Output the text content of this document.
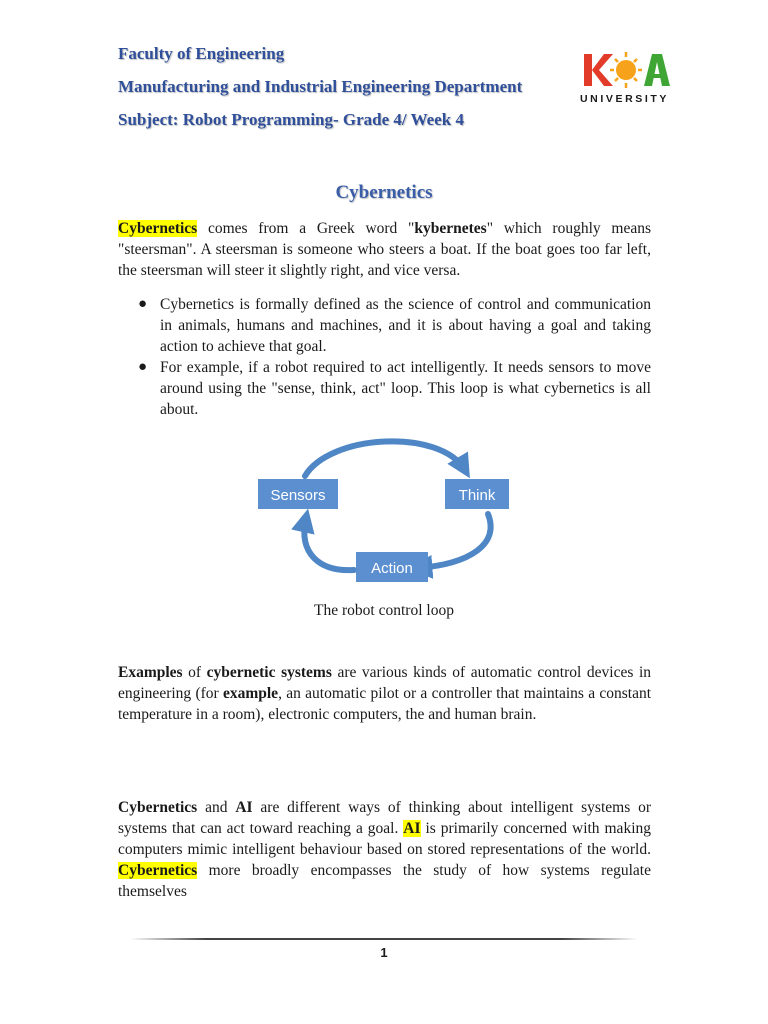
Faculty of Engineering
Manufacturing and Industrial Engineering Department
Subject: Robot Programming- Grade 4/ Week 4
UNIVERSITY
Cybernetics

Cybernetics comes from a Greek word "kybernetes" which roughly means "steersman". A steersman is someone who steers a boat. If the boat goes too far left, the steersman will steer it slightly right, and vice versa.

● Cybernetics is formally defined as the science of control and communication in animals, humans and machines, and it is about having a goal and taking action to achieve that goal.
● For example, if a robot required to act intelligently. It needs sensors to move around using the "sense, think, act" loop. This loop is what cybernetics is all about.
Sensors	Think
Action
The robot control loop

Examples of cybernetic systems are various kinds of automatic control devices in engineering (for example, an automatic pilot or a controller that maintains a constant temperature in a room), electronic computers, the and human brain.

Cybernetics and AI are different ways of thinking about intelligent systems or systems that can act toward reaching a goal. AI is primarily concerned with making computers mimic intelligent behaviour based on stored representations of the world. Cybernetics more broadly encompasses the study of how systems regulate themselves

1
